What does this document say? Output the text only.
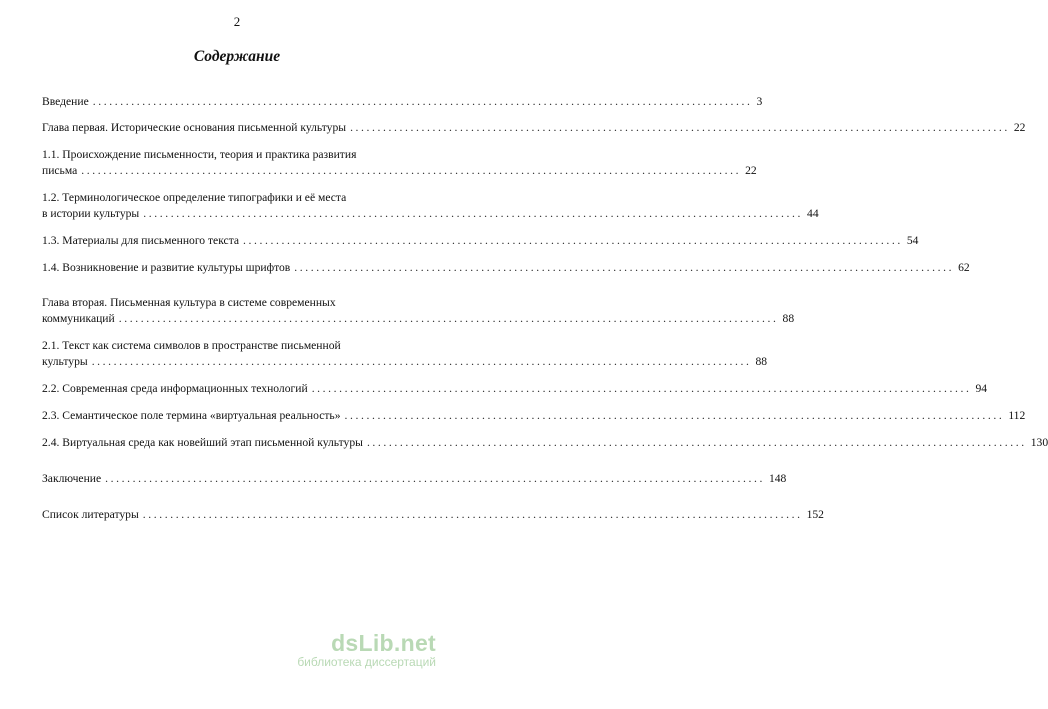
2
Содержание
Введение ........................................................................................................................ 3
Глава первая. Исторические основания письменной культуры ........................................................................................................................ 22
1.1. Происхождение письменности, теория и практика развития
письма ........................................................................................................................ 22
1.2. Терминологическое определение типографики и её места
в истории культуры ........................................................................................................................ 44
1.3. Материалы для письменного текста ........................................................................................................................ 54
1.4. Возникновение и развитие культуры шрифтов ........................................................................................................................ 62
Глава вторая. Письменная культура в системе современных
коммуникаций ........................................................................................................................ 88
2.1. Текст как система символов в пространстве письменной
культуры ........................................................................................................................ 88
2.2. Современная среда информационных технологий ........................................................................................................................ 94
2.3. Семантическое поле термина «виртуальная реальность» ........................................................................................................................ 112
2.4. Виртуальная среда как новейший этап письменной культуры ........................................................................................................................ 130
Заключение ........................................................................................................................ 148
Список литературы ........................................................................................................................ 152
dsLib.net
библиотека диссертаций
